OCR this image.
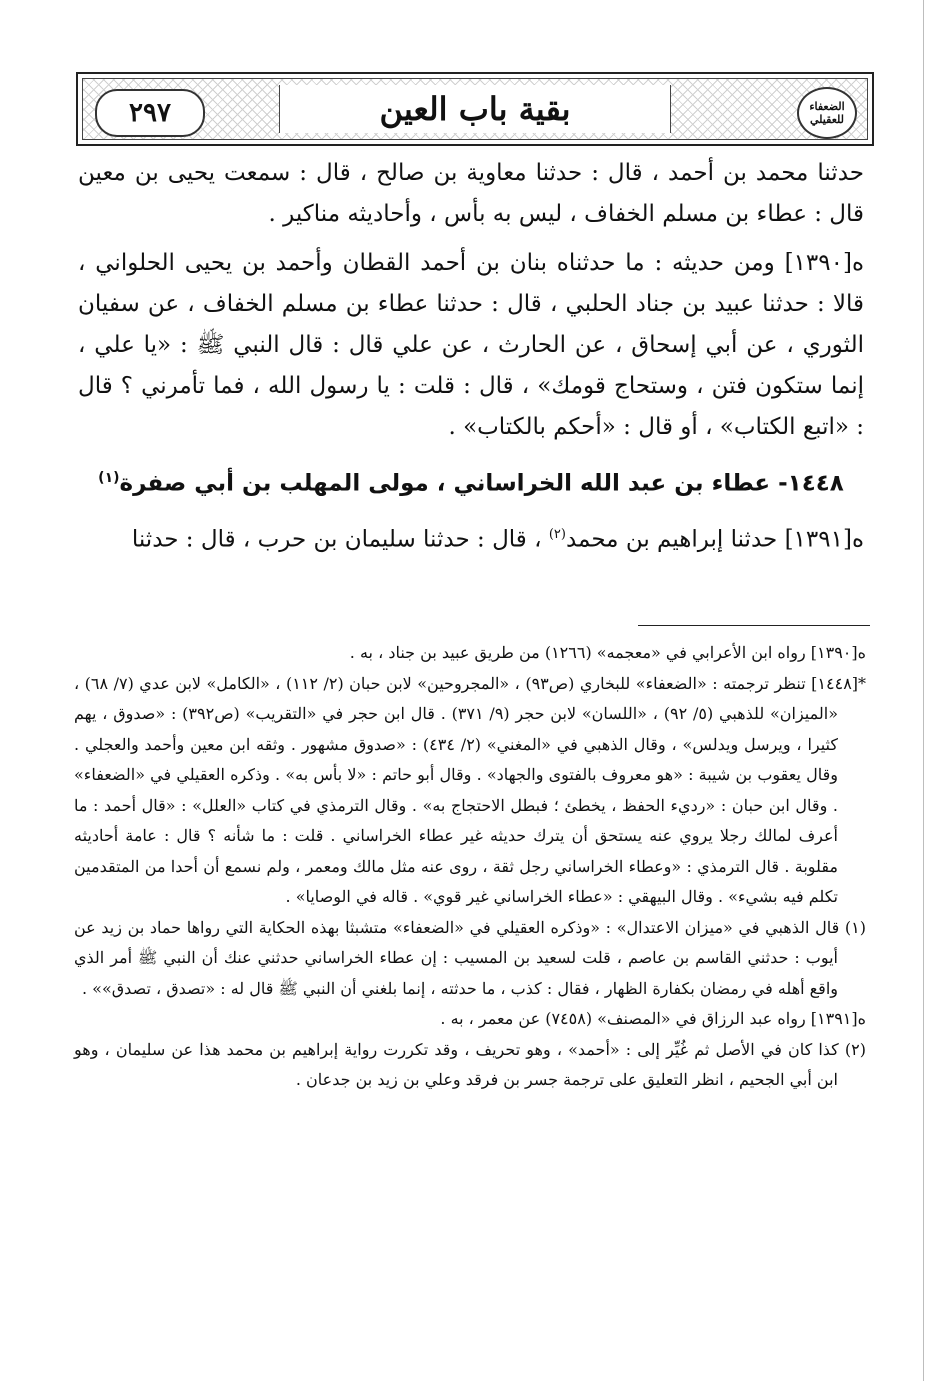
الضعفاء للعقيلي
بقية باب العين
٢٩٧

حدثنا محمد بن أحمد ، قال : حدثنا معاوية بن صالح ، قال : سمعت يحيى بن معين قال : عطاء بن مسلم الخفاف ، ليس به بأس ، وأحاديثه مناكير .

ه[١٣٩٠] ومن حديثه : ما حدثناه بنان بن أحمد القطان وأحمد بن يحيى الحلواني ، قالا : حدثنا عبيد بن جناد الحلبي ، قال : حدثنا عطاء بن مسلم الخفاف ، عن سفيان الثوري ، عن أبي إسحاق ، عن الحارث ، عن علي قال : قال النبي ﷺ : «يا علي ، إنما ستكون فتن ، وستحاج قومك» ، قال : قلت : يا رسول الله ، فما تأمرني ؟ قال : «اتبع الكتاب» ، أو قال : «أحكم بالكتاب» .

١٤٤٨- عطاء بن عبد الله الخراساني ، مولى المهلب بن أبي صفرة$^{(١)}$

ه[١٣٩١] حدثنا إبراهيم بن محمد$^{(٢)}$ ، قال : حدثنا سليمان بن حرب ، قال : حدثنا

ه[١٣٩٠] رواه ابن الأعرابي في «معجمه» (١٢٦٦) من طريق عبيد بن جناد ، به .

*[١٤٤٨] تنظر ترجمته : «الضعفاء» للبخاري (ص٩٣) ، «المجروحين» لابن حبان (٢/ ١١٢) ، «الكامل» لابن عدي (٧/ ٦٨) ، «الميزان» للذهبي (٥/ ٩٢) ، «اللسان» لابن حجر (٩/ ٣٧١) . قال ابن حجر في «التقريب» (ص٣٩٢) : «صدوق ، يهم كثيرا ، ويرسل ويدلس» ، وقال الذهبي في «المغني» (٢/ ٤٣٤) : «صدوق مشهور . وثقه ابن معين وأحمد والعجلي . وقال يعقوب بن شيبة : «هو معروف بالفتوى والجهاد» . وقال أبو حاتم : «لا بأس به» . وذكره العقيلي في «الضعفاء» . وقال ابن حبان : «رديء الحفظ ، يخطئ ؛ فبطل الاحتجاج به» . وقال الترمذي في كتاب «العلل» : «قال أحمد : ما أعرف لمالك رجلا يروي عنه يستحق أن يترك حديثه غير عطاء الخراساني . قلت : ما شأنه ؟ قال : عامة أحاديثه مقلوبة . قال الترمذي : «وعطاء الخراساني رجل ثقة ، روى عنه مثل مالك ومعمر ، ولم نسمع أن أحدا من المتقدمين تكلم فيه بشيء» . وقال البيهقي : «عطاء الخراساني غير قوي» . قاله في الوصايا» .

(١) قال الذهبي في «ميزان الاعتدال» : «وذكره العقيلي في «الضعفاء» متشبثا بهذه الحكاية التي رواها حماد بن زيد عن أيوب : حدثني القاسم بن عاصم ، قلت لسعيد بن المسيب : إن عطاء الخراساني حدثني عنك أن النبي ﷺ أمر الذي واقع أهله في رمضان بكفارة الظهار ، فقال : كذب ، ما حدثته ، إنما بلغني أن النبي ﷺ قال له : «تصدق ، تصدق»» .

ه[١٣٩١] رواه عبد الرزاق في «المصنف» (٧٤٥٨) عن معمر ، به .

(٢) كذا كان في الأصل ثم غُيِّر إلى : «أحمد» ، وهو تحريف ، وقد تكررت رواية إبراهيم بن محمد هذا عن سليمان ، وهو ابن أبي الجحيم ، انظر التعليق على ترجمة جسر بن فرقد وعلي بن زيد بن جدعان .
